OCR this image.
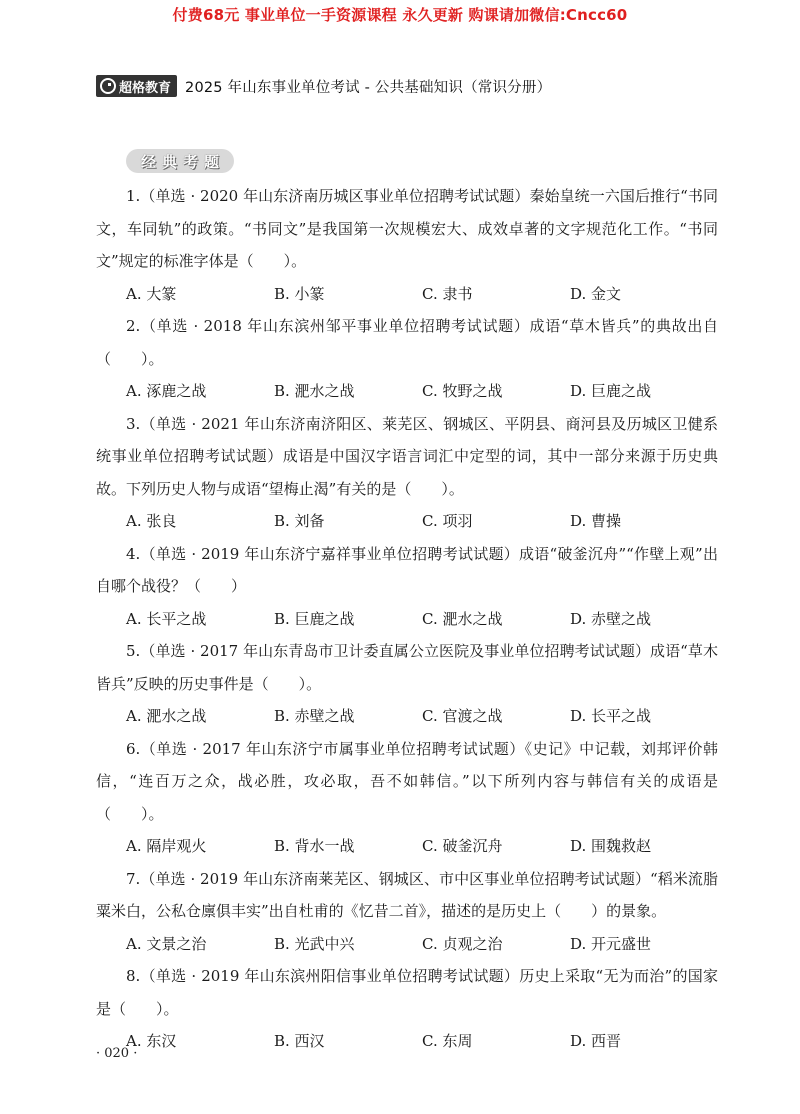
付费68元 事业单位一手资源课程 永久更新 购课请加微信:Cncc60
超格教育 2025 年山东事业单位考试 - 公共基础知识（常识分册）
经典考题

1.（单选 · 2020 年山东济南历城区事业单位招聘考试试题）秦始皇统一六国后推行“书同文，车同轨”的政策。“书同文”是我国第一次规模宏大、成效卓著的文字规范化工作。“书同文”规定的标准字体是（　　）。

A. 大篆	B. 小篆	C. 隶书	D. 金文

2.（单选 · 2018 年山东滨州邹平事业单位招聘考试试题）成语“草木皆兵”的典故出自（　　）。

A. 涿鹿之战	B. 淝水之战	C. 牧野之战	D. 巨鹿之战

3.（单选 · 2021 年山东济南济阳区、莱芜区、钢城区、平阴县、商河县及历城区卫健系统事业单位招聘考试试题）成语是中国汉字语言词汇中定型的词，其中一部分来源于历史典故。下列历史人物与成语“望梅止渴”有关的是（　　）。

A. 张良	B. 刘备	C. 项羽	D. 曹操

4.（单选 · 2019 年山东济宁嘉祥事业单位招聘考试试题）成语“破釜沉舟”“作壁上观”出自哪个战役？（　　）

A. 长平之战	B. 巨鹿之战	C. 淝水之战	D. 赤壁之战

5.（单选 · 2017 年山东青岛市卫计委直属公立医院及事业单位招聘考试试题）成语“草木皆兵”反映的历史事件是（　　）。

A. 淝水之战	B. 赤壁之战	C. 官渡之战	D. 长平之战

6.（单选 · 2017 年山东济宁市属事业单位招聘考试试题）《史记》中记载，刘邦评价韩信，“连百万之众，战必胜，攻必取，吾不如韩信。”以下所列内容与韩信有关的成语是（　　）。

A. 隔岸观火	B. 背水一战	C. 破釜沉舟	D. 围魏救赵

7.（单选 · 2019 年山东济南莱芜区、钢城区、市中区事业单位招聘考试试题）“稻米流脂粟米白，公私仓廪俱丰实”出自杜甫的《忆昔二首》，描述的是历史上（　　）的景象。

A. 文景之治	B. 光武中兴	C. 贞观之治	D. 开元盛世

8.（单选 · 2019 年山东滨州阳信事业单位招聘考试试题）历史上采取“无为而治”的国家是（　　）。

A. 东汉	B. 西汉	C. 东周	D. 西晋
· 020 ·
